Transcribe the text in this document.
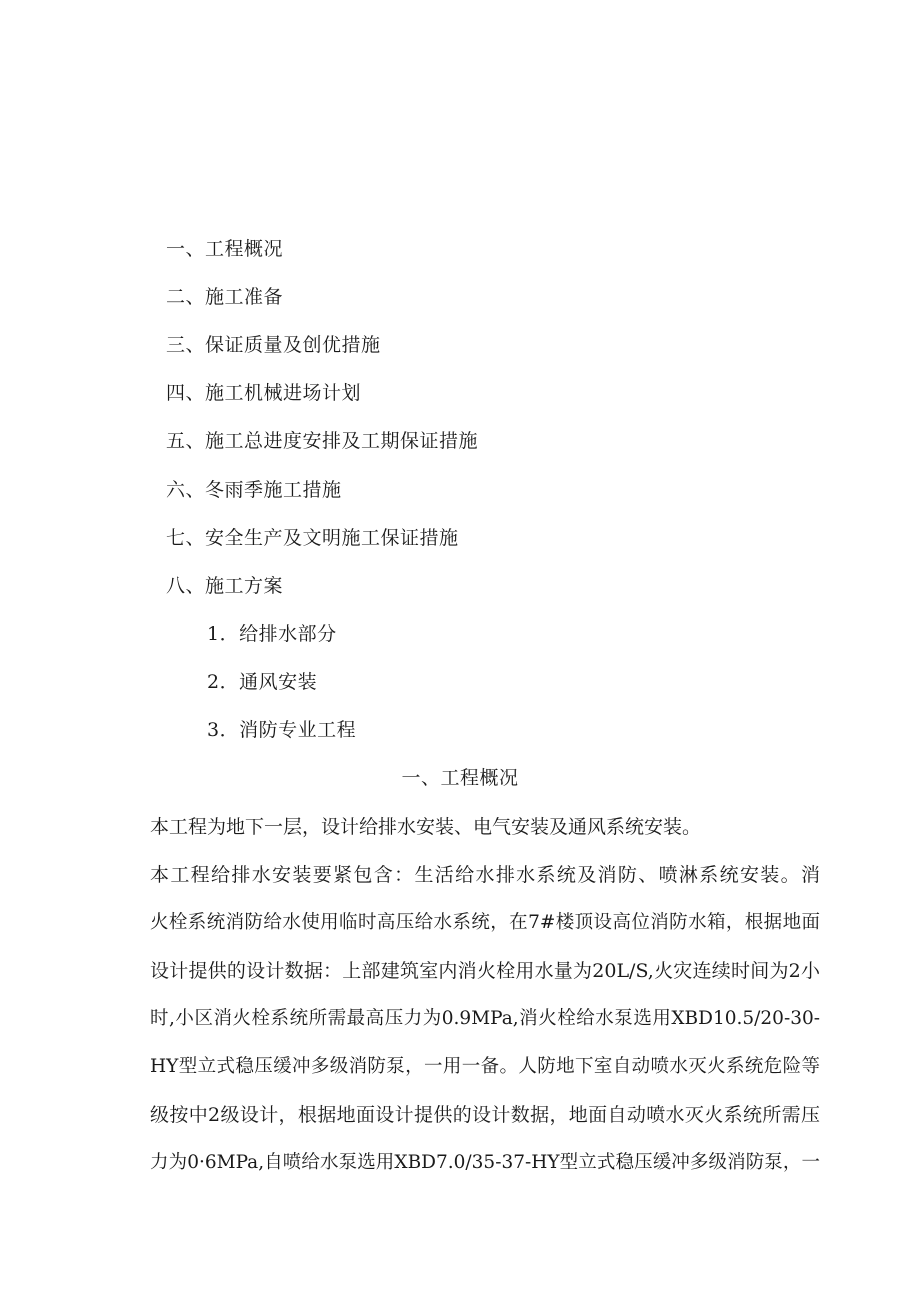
一、工程概况
二、施工准备
三、保证质量及创优措施
四、施工机械进场计划
五、施工总进度安排及工期保证措施
六、冬雨季施工措施
七、安全生产及文明施工保证措施
八、施工方案
1．给排水部分
2．通风安装
3．消防专业工程
一、工程概况
本工程为地下一层，设计给排水安装、电气安装及通风系统安装。
本工程给排水安装要紧包含：生活给水排水系统及消防、喷淋系统安装。消
火栓系统消防给水使用临时高压给水系统，在7#楼顶设高位消防水箱，根据地面
设计提供的设计数据：上部建筑室内消火栓用水量为20L/S,火灾连续时间为2小
时,小区消火栓系统所需最高压力为0.9MPa,消火栓给水泵选用XBD10.5/20-30-
HY型立式稳压缓冲多级消防泵，一用一备。人防地下室自动喷水灭火系统危险等
级按中2级设计，根据地面设计提供的设计数据，地面自动喷水灭火系统所需压
力为0·6MPa,自喷给水泵选用XBD7.0/35-37-HY型立式稳压缓冲多级消防泵，一
